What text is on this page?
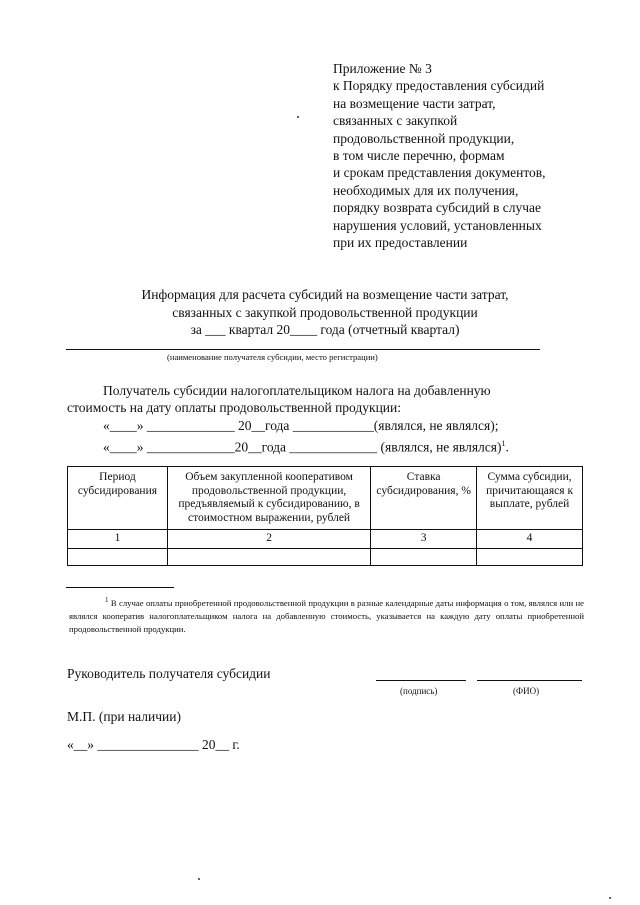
Приложение № 3
к Порядку предоставления субсидий
на возмещение части затрат,
связанных с закупкой
продовольственной продукции,
в том числе перечню, формам
и срокам представления документов,
необходимых для их получения,
порядку возврата субсидий в случае
нарушения условий, установленных
при их предоставлении
Информация для расчета субсидий на возмещение части затрат,
связанных с закупкой продовольственной продукции
за ___ квартал 20____ года (отчетный квартал)
(наименование получателя субсидии, место регистрации)
Получатель субсидии налогоплательщиком налога на добавленную
стоимость на дату оплаты продовольственной продукции:
«____» _____________ 20__года ____________(являлся, не являлся);
«____» _____________20__года _____________ (являлся, не являлся)$^1$.
Период субсидирования	Объем закупленной кооперативом продовольственной продукции, предъявляемый к субсидированию, в стоимостном выражении, рублей	Ставка субсидирования, %	Сумма субсидии, причитающаяся к выплате, рублей
1	2	3	4

$^1$ В случае оплаты приобретенной продовольственной продукции в разные календарные даты информация о том, являлся или не являлся кооператив налогоплательщиком налога на добавленную стоимость, указывается на каждую дату оплаты приобретенной продовольственной продукции.
Руководитель получателя субсидии
(подпись)	(ФИО)
М.П. (при наличии)
«__» _______________ 20__ г.
